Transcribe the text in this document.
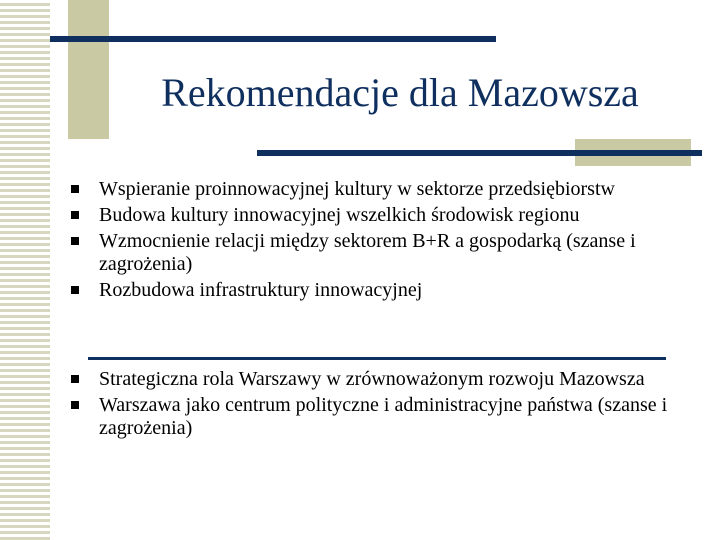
Rekomendacje dla Mazowsza
Wspieranie proinnowacyjnej kultury w sektorze przedsiębiorstw
Budowa kultury innowacyjnej wszelkich środowisk regionu
Wzmocnienie relacji między sektorem B+R a gospodarką (szanse i zagrożenia)
Rozbudowa infrastruktury innowacyjnej
Strategiczna rola Warszawy w zrównoważonym rozwoju Mazowsza
Warszawa jako centrum polityczne i administracyjne państwa (szanse i zagrożenia)
